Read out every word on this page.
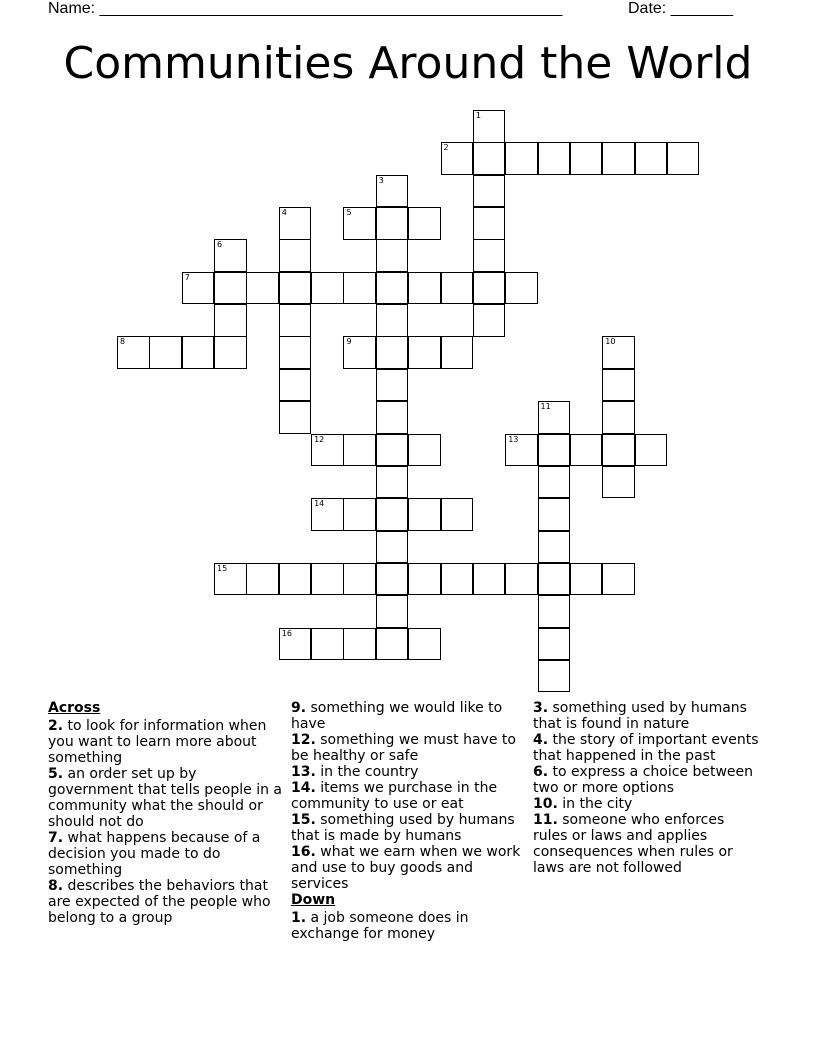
Name: ____________________________________________________	Date: _______
Communities Around the World
1
2
3
4	5
6
7
8	9	10
11
12	13
14
15
16
Across
2. to look for information when you want to learn more about something
5. an order set up by government that tells people in a community what the should or should not do
7. what happens because of a decision you made to do something
8. describes the behaviors that are expected of the people who belong to a group
9. something we would like to have
12. something we must have to be healthy or safe
13. in the country
14. items we purchase in the community to use or eat
15. something used by humans that is made by humans
16. what we earn when we work and use to buy goods and services
Down
1. a job someone does in exchange for money
3. something used by humans that is found in nature
4. the story of important events that happened in the past
6. to express a choice between two or more options
10. in the city
11. someone who enforces rules or laws and applies consequences when rules or laws are not followed
